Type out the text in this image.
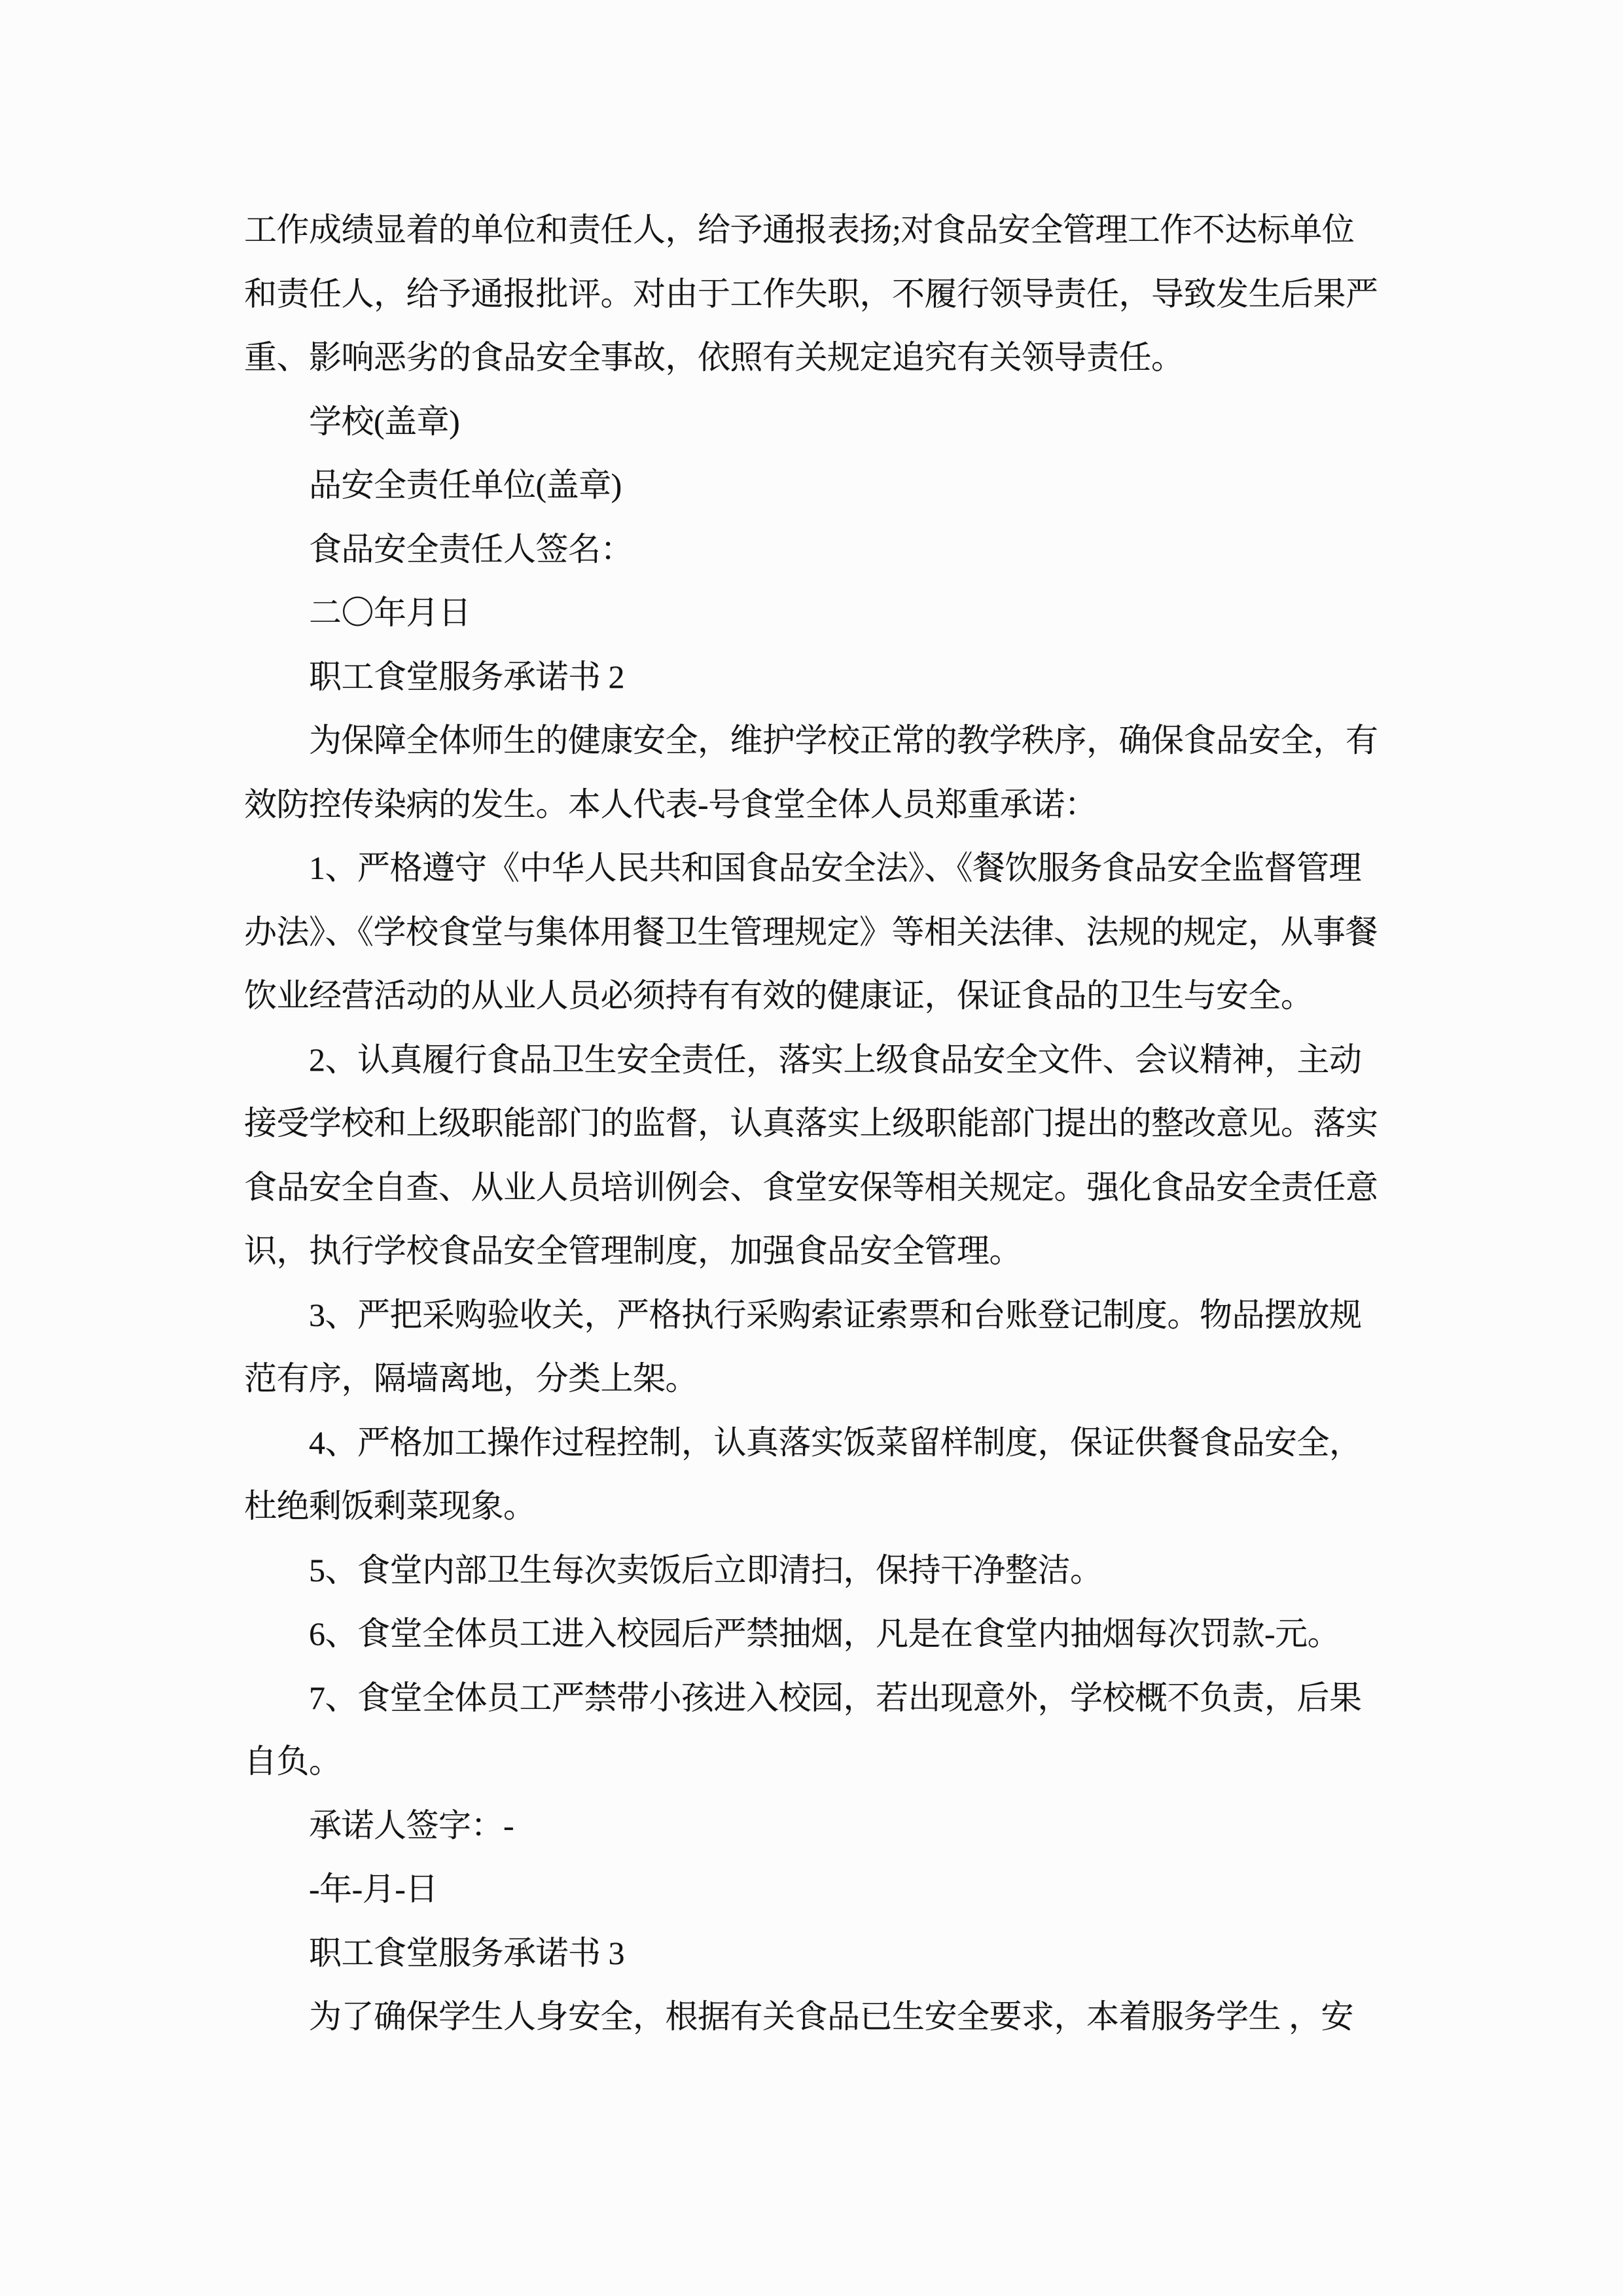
工作成绩显着的单位和责任人，给予通报表扬;对食品安全管理工作不达标单位
和责任人，给予通报批评。对由于工作失职，不履行领导责任，导致发生后果严
重、影响恶劣的食品安全事故，依照有关规定追究有关领导责任。
　　学校(盖章)
　　品安全责任单位(盖章)
　　食品安全责任人签名：
　　二〇年月日
　　职工食堂服务承诺书 2
　　为保障全体师生的健康安全，维护学校正常的教学秩序，确保食品安全，有
效防控传染病的发生。本人代表-号食堂全体人员郑重承诺：
　　1、严格遵守《中华人民共和国食品安全法》、《餐饮服务食品安全监督管理
办法》、《学校食堂与集体用餐卫生管理规定》等相关法律、法规的规定，从事餐
饮业经营活动的从业人员必须持有有效的健康证，保证食品的卫生与安全。
　　2、认真履行食品卫生安全责任，落实上级食品安全文件、会议精神，主动
接受学校和上级职能部门的监督，认真落实上级职能部门提出的整改意见。落实
食品安全自查、从业人员培训例会、食堂安保等相关规定。强化食品安全责任意
识，执行学校食品安全管理制度，加强食品安全管理。
　　3、严把采购验收关，严格执行采购索证索票和台账登记制度。物品摆放规
范有序，隔墙离地，分类上架。
　　4、严格加工操作过程控制，认真落实饭菜留样制度，保证供餐食品安全，
杜绝剩饭剩菜现象。
　　5、食堂内部卫生每次卖饭后立即清扫，保持干净整洁。
　　6、食堂全体员工进入校园后严禁抽烟，凡是在食堂内抽烟每次罚款-元。
　　7、食堂全体员工严禁带小孩进入校园，若出现意外，学校概不负责，后果
自负。
　　承诺人签字：-
　　-年-月-日
　　职工食堂服务承诺书 3
　　为了确保学生人身安全，根据有关食品已生安全要求，本着服务学生 ，安
